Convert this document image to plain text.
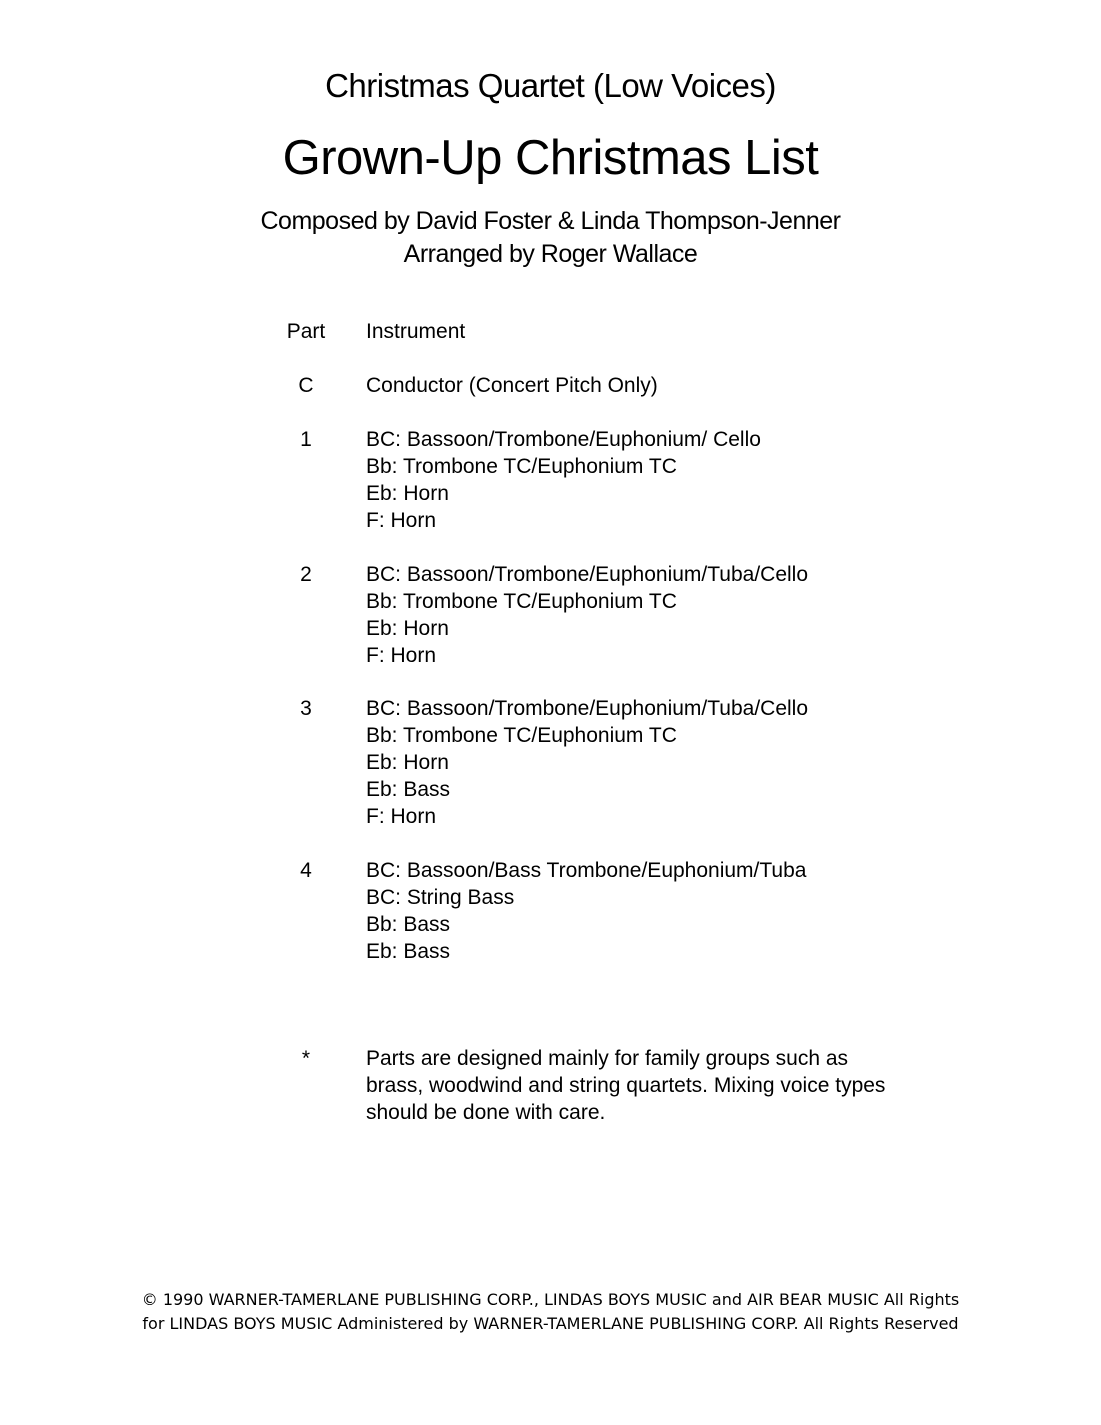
Christmas Quartet (Low Voices)
Grown-Up Christmas List
Composed by David Foster & Linda Thompson-Jenner
Arranged by Roger Wallace
Part	Instrument
C	Conductor (Concert Pitch Only)
1	BC: Bassoon/Trombone/Euphonium/ Cello
Bb: Trombone TC/Euphonium TC
Eb: Horn
F: Horn
2	BC: Bassoon/Trombone/Euphonium/Tuba/Cello
Bb: Trombone TC/Euphonium TC
Eb: Horn
F: Horn
3	BC: Bassoon/Trombone/Euphonium/Tuba/Cello
Bb: Trombone TC/Euphonium TC
Eb: Horn
Eb: Bass
F: Horn
4	BC: Bassoon/Bass Trombone/Euphonium/Tuba
BC: String Bass
Bb: Bass
Eb: Bass
*	Parts are designed mainly for family groups such as brass, woodwind and string quartets. Mixing voice types should be done with care.
© 1990 WARNER-TAMERLANE PUBLISHING CORP., LINDAS BOYS MUSIC and AIR BEAR MUSIC All Rights
for LINDAS BOYS MUSIC Administered by WARNER-TAMERLANE PUBLISHING CORP. All Rights Reserved
